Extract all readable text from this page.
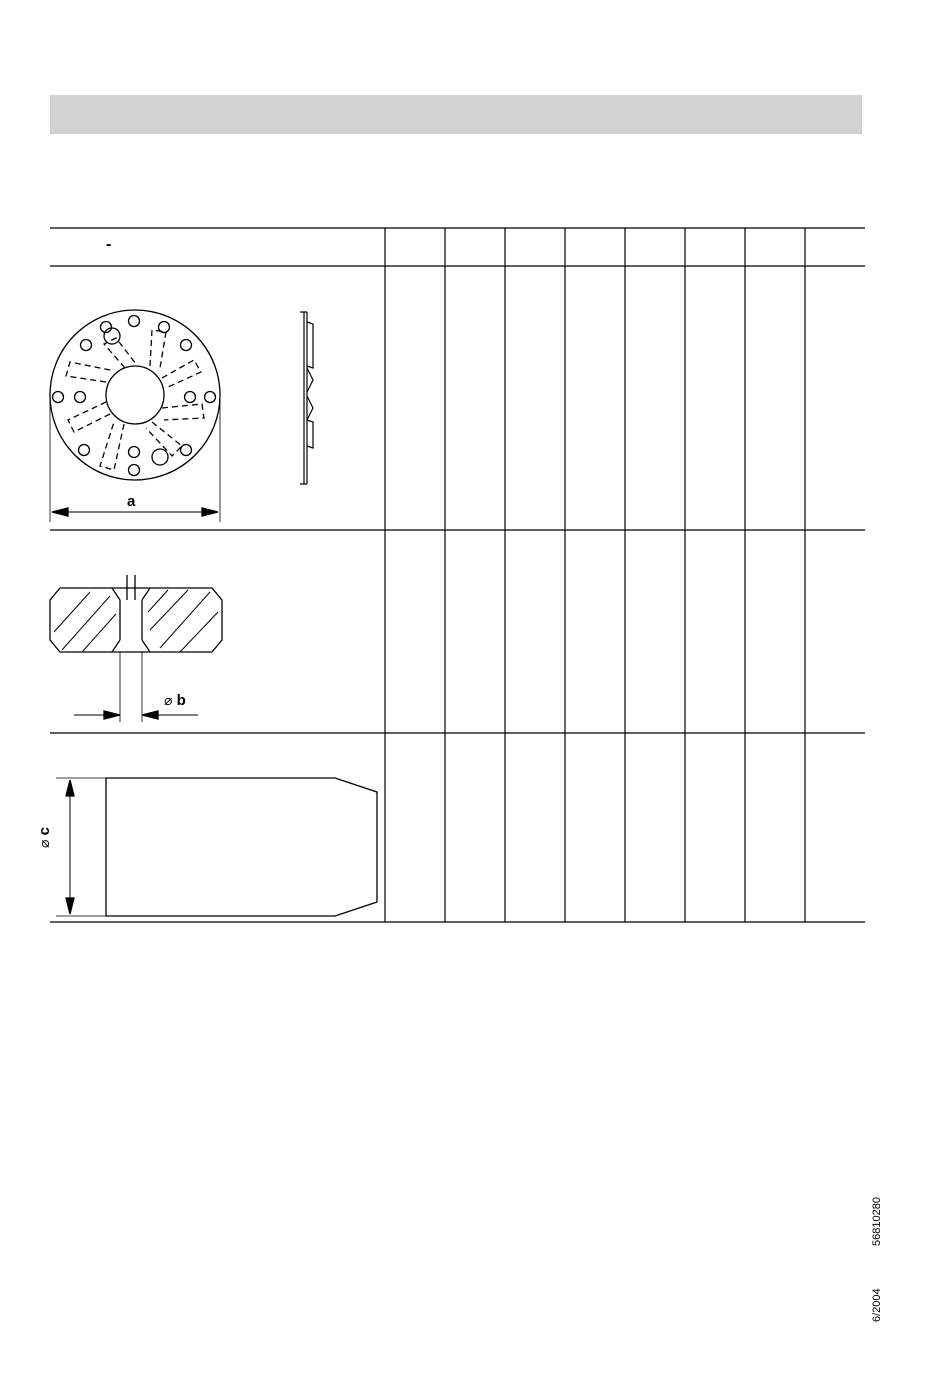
-
a
⌀ b
⌀ c
56810280
6/2004
